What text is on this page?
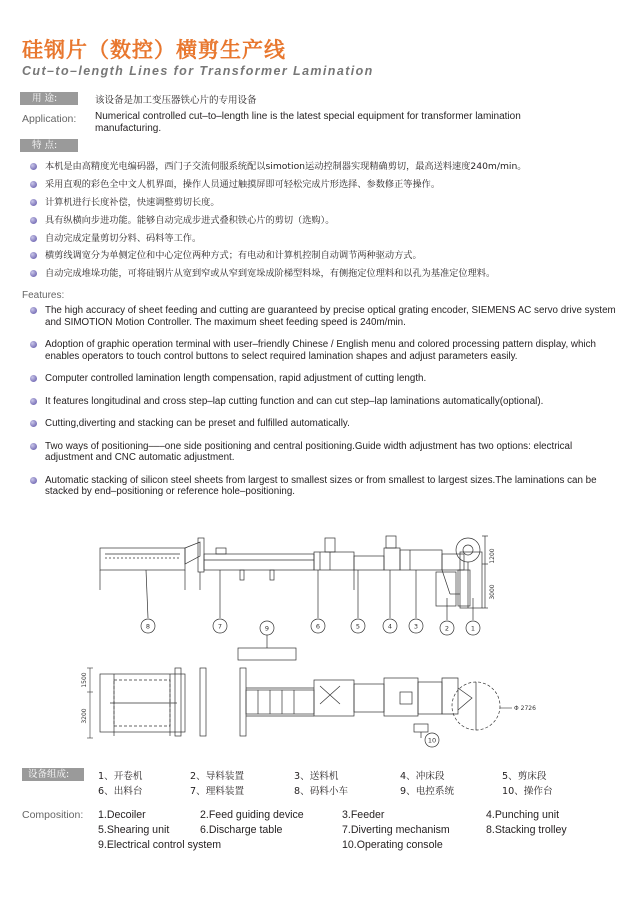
硅钢片（数控）横剪生产线
Cut–to–length Lines for Transformer Lamination
用 途:	该设备是加工变压器铁心片的专用设备
Application: Numerical controlled cut–to–length line is the latest special equipment for transformer lamination manufacturing.
特 点:
本机是由高精度光电编码器，西门子交流伺服系统配以simotion运动控制器实现精确剪切，最高送料速度240m/min。
采用直观的彩色全中文人机界面，操作人员通过触摸屏即可轻松完成片形选择、参数修正等操作。
计算机进行长度补偿，快速调整剪切长度。
具有纵横向步进功能。能够自动完成步进式叠积铁心片的剪切（选购）。
自动完成定量剪切分料、码料等工作。
横剪线调宽分为单侧定位和中心定位两种方式；有电动和计算机控制自动调节两种驱动方式。
自动完成堆垛功能，可将硅钢片从宽到窄或从窄到宽垛成阶梯型料垛，有侧拖定位理料和以孔为基准定位理料。
Features:
The high accuracy of sheet feeding and cutting are guaranteed by precise optical grating encoder, SIEMENS AC servo drive system and SIMOTION Motion Controller. The maximum sheet feeding speed is 240m/min.
Adoption of graphic operation terminal with user–friendly Chinese / English menu and colored processing pattern display, which enables operators to touch control buttons to select required lamination shapes and adjust parameters easily.
Computer controlled lamination length compensation, rapid adjustment of cutting length.
It features longitudinal and cross step–lap cutting function and can cut step–lap laminations automatically(optional).
Cutting,diverting and stacking can be preset and fulfilled automatically.
Two ways of positioning–––one side positioning and central positioning.Guide width adjustment has two options: electrical adjustment and CNC automatic adjustment.
Automatic stacking of silicon steel sheets from largest to smallest sizes or from smallest to largest sizes.The laminations can be stacked by end–positioning or reference hole–positioning.
8	7	9	6	5	4	3	2	1
10
1200
3000
1500
3200	Φ 2726
设备组成:	1、开卷机	2、导料装置	3、送料机	4、冲床段	5、剪床段
6、出料台	7、理料装置	8、码料小车	9、电控系统	10、操作台
Composition: 1.Decoiler	2.Feed guiding device	3.Feeder	4.Punching unit
5.Shearing unit	6.Discharge table	7.Diverting mechanism	8.Stacking trolley
9.Electrical control system	10.Operating console
